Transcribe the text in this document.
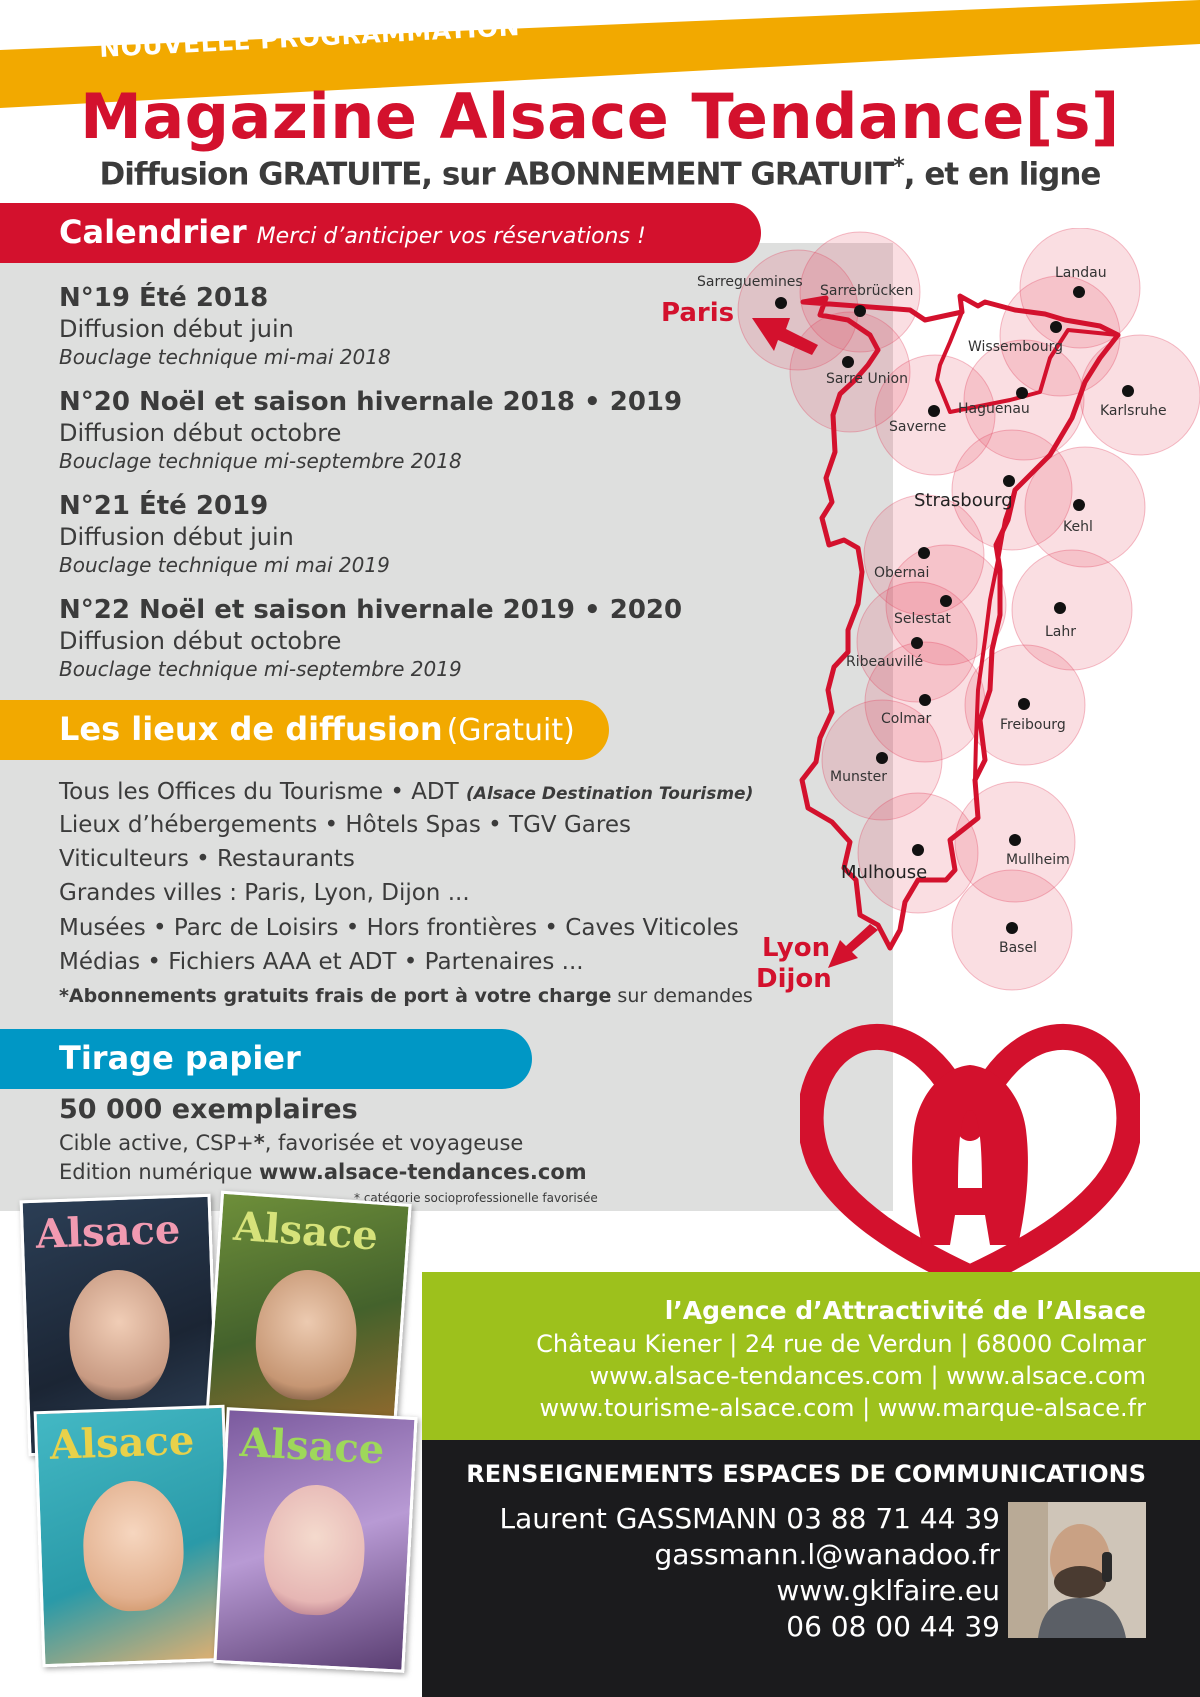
NOUVELLE PROGRAMMATION
Magazine Alsace Tendance[s]
Diffusion GRATUITE, sur ABONNEMENT GRATUIT*, et en ligne
Calendrier Merci d’anticiper vos réservations !
N°19 Été 2018
Diffusion début juin
Bouclage technique mi-mai 2018
N°20 Noël et saison hivernale 2018 • 2019
Diffusion début octobre
Bouclage technique mi-septembre 2018
N°21 Été 2019
Diffusion début juin
Bouclage technique mi mai 2019
N°22 Noël et saison hivernale 2019 • 2020
Diffusion début octobre
Bouclage technique mi-septembre 2019
Les lieux de diffusion (Gratuit)
Tous les Offices du Tourisme • ADT (Alsace Destination Tourisme)
Lieux d’hébergements • Hôtels Spas • TGV Gares
Viticulteurs • Restaurants
Grandes villes : Paris, Lyon, Dijon ...
Musées • Parc de Loisirs • Hors frontières • Caves Viticoles
Médias • Fichiers AAA et ADT • Partenaires ...
*Abonnements gratuits frais de port à votre charge sur demandes
Tirage papier
50 000 exemplaires
Cible active, CSP+*, favorisée et voyageuse
Edition numérique www.alsace-tendances.com
* catégorie socioprofessionelle favorisée
Sarreguemines
Sarrebrücken
Landau
Wissembourg
Sarre Union
Haguenau	Karlsruhe
Saverne
Strasbourg
Kehl
Obernai
Selestat
Lahr
Ribeauvillé
Colmar	Freibourg
Munster
Mulhouse
Mullheim
Basel
Paris
Lyon
Dijon
Alsace Alsace
Alsace Alsace
l’Agence d’Attractivité de l’Alsace
Château Kiener | 24 rue de Verdun | 68000 Colmar
www.alsace-tendances.com | www.alsace.com
www.tourisme-alsace.com | www.marque-alsace.fr
RENSEIGNEMENTS ESPACES DE COMMUNICATIONS
Laurent GASSMANN 03 88 71 44 39
gassmann.l@wanadoo.fr
www.gklfaire.eu
06 08 00 44 39
